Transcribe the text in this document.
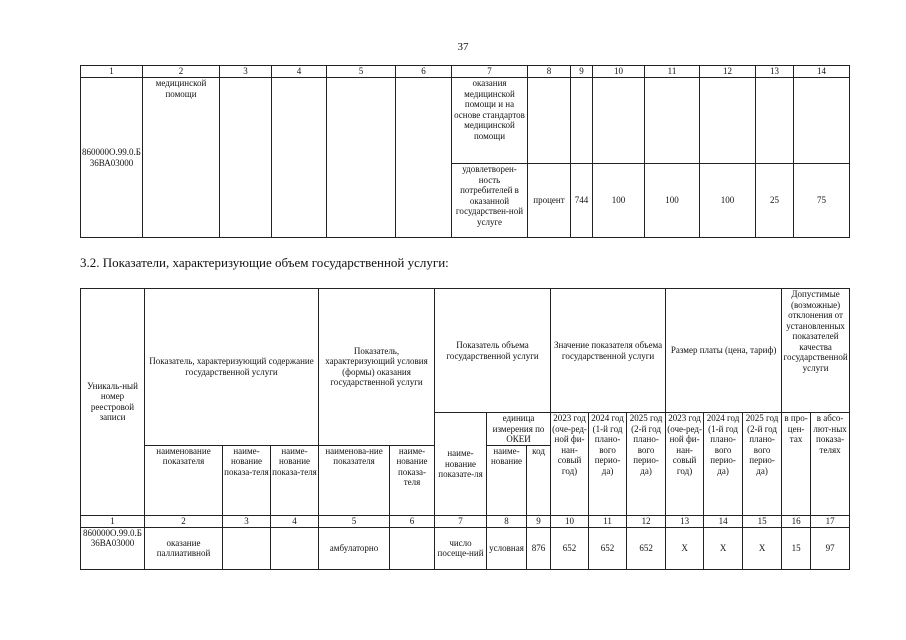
37
1	2	3	4	5	6	7	8	9	10	11	12	13	14
860000О.99.0.Б36ВА03000	медицинской помощи					оказания медицинской помощи и на основе стандартов медицинской помощи							
						удовлетворен-ность потребителей в оказанной государствен-ной услуге	процент	744	100	100	100	25	75
3.2. Показатели, характеризующие объем государственной услуги:
Уникаль-ный номер реестровой записи	Показатель, характеризующий содержание государственной услуги			Показатель, характеризующий условия (формы) оказания государственной услуги		Показатель объема государственной услуги			Значение показателя объема государственной услуги			Размер платы (цена, тариф)			Допустимые (возможные) отклонения от установленных показателей качества государственной услуги	
						наиме-нование показате-ля	единица измерения по ОКЕИ		2023 год (оче-ред-ной фи-нан-совый год)	2024 год (1-й год плано-вого перио-да)	2025 год (2-й год плано-вого перио-да)	2023 год (оче-ред-ной фи-нан-совый год)	2024 год (1-й год плано-вого перио-да)	2025 год (2-й год плано-вого перио-да)	в про-цен-тах	в абсо-лют-ных показа-телях
	наименование показателя	наиме-нование показа-теля	наиме-нование показа-теля	наименова-ние показателя	наиме-нование показа-теля		наиме-нование	код								
1	2	3	4	5	6	7	8	9	10	11	12	13	14	15	16	17
860000О.99.0.Б36ВА03000	оказание паллиативной			амбулаторно		число посеще-ний	условная	876	652	652	652	Х	Х	Х	15	97
